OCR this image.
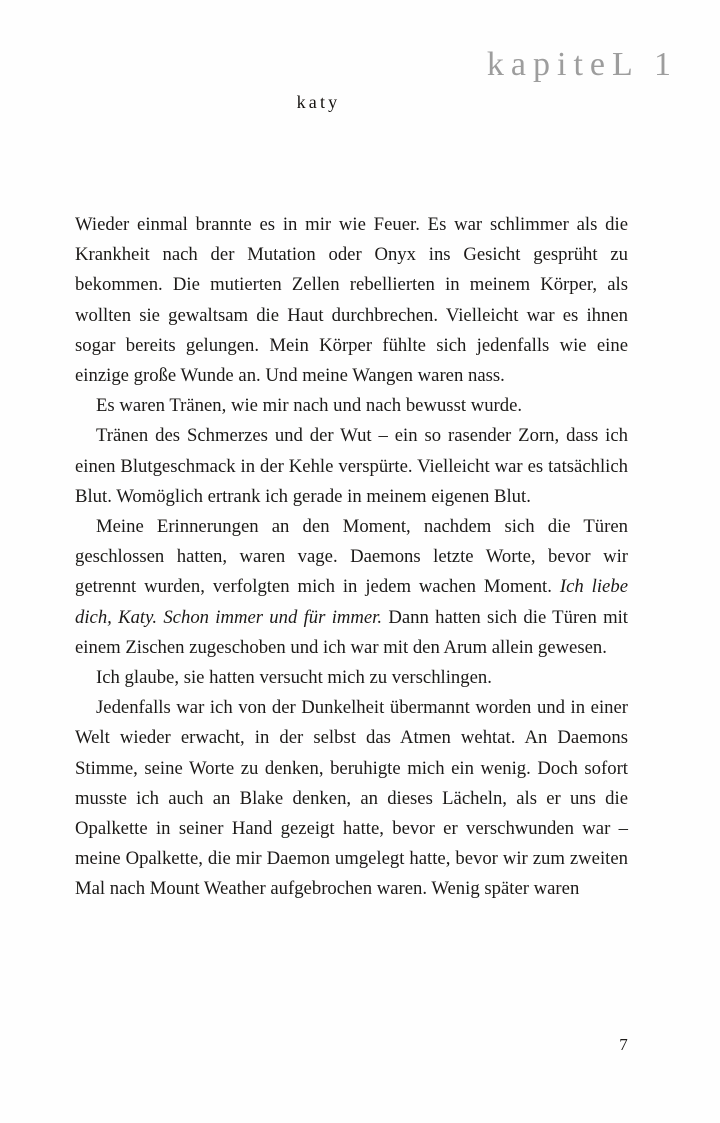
kapiteL 1
katy

Wieder einmal brannte es in mir wie Feuer. Es war schlimmer als die Krankheit nach der Mutation oder Onyx ins Gesicht gesprüht zu bekommen. Die mutierten Zellen rebellierten in meinem Körper, als wollten sie gewaltsam die Haut durchbrechen. Vielleicht war es ihnen sogar bereits gelungen. Mein Körper fühlte sich jedenfalls wie eine einzige große Wunde an. Und meine Wangen waren nass.

Es waren Tränen, wie mir nach und nach bewusst wurde.

Tränen des Schmerzes und der Wut – ein so rasender Zorn, dass ich einen Blutgeschmack in der Kehle verspürte. Vielleicht war es tatsächlich Blut. Womöglich ertrank ich gerade in meinem eigenen Blut.

Meine Erinnerungen an den Moment, nachdem sich die Türen geschlossen hatten, waren vage. Daemons letzte Worte, bevor wir getrennt wurden, verfolgten mich in jedem wachen Moment. Ich liebe dich, Katy. Schon immer und für immer. Dann hatten sich die Türen mit einem Zischen zugeschoben und ich war mit den Arum allein gewesen.

Ich glaube, sie hatten versucht mich zu verschlingen.

Jedenfalls war ich von der Dunkelheit übermannt worden und in einer Welt wieder erwacht, in der selbst das Atmen wehtat. An Daemons Stimme, seine Worte zu denken, beruhigte mich ein wenig. Doch sofort musste ich auch an Blake denken, an dieses Lächeln, als er uns die Opalkette in seiner Hand gezeigt hatte, bevor er verschwunden war – meine Opalkette, die mir Daemon umgelegt hatte, bevor wir zum zweiten Mal nach Mount Weather aufgebrochen waren. Wenig später waren

7
